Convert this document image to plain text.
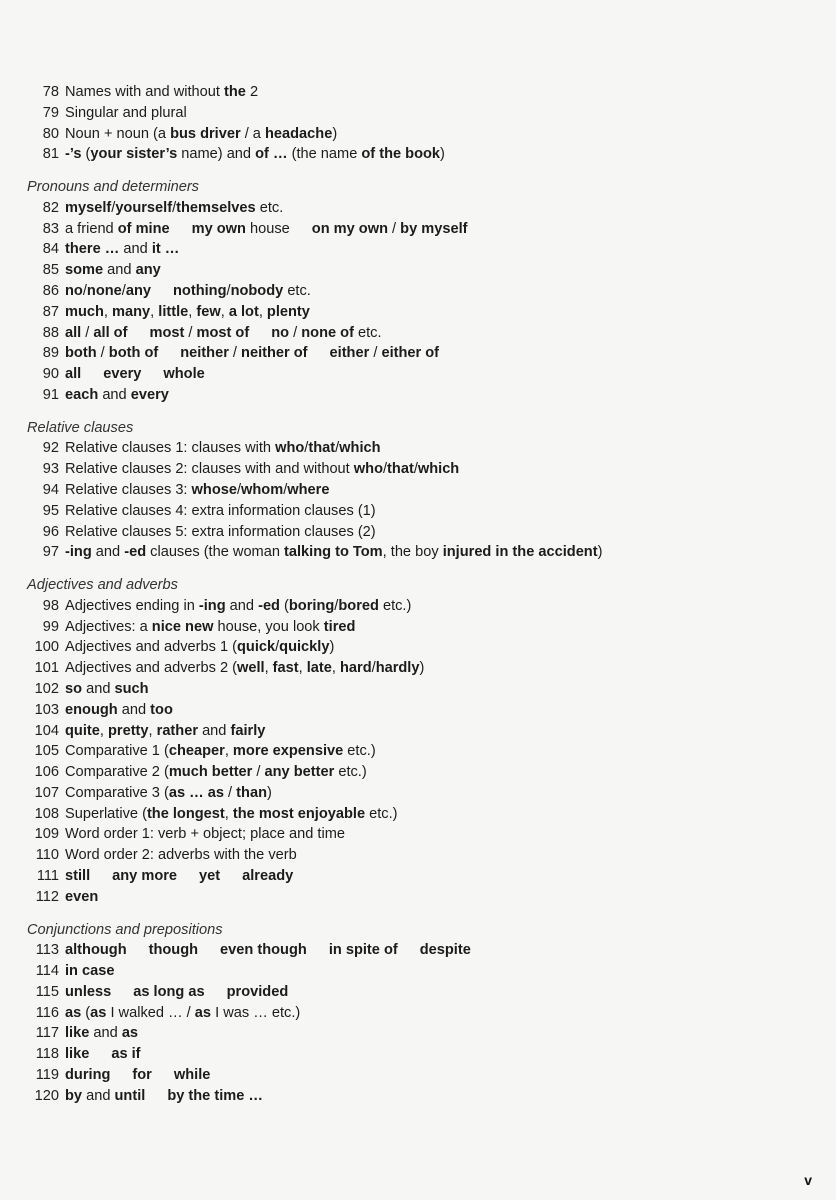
78 Names with and without the 2
79 Singular and plural
80 Noun + noun (a bus driver / a headache)
81 -’s (your sister’s name) and of … (the name of the book)
Pronouns and determiners
82 myself/yourself/themselves etc.
83 a friend of mine my own house on my own / by myself
84 there … and it …
85 some and any
86 no/none/any nothing/nobody etc.
87 much, many, little, few, a lot, plenty
88 all / all of most / most of no / none of etc.
89 both / both of neither / neither of either / either of
90 all every whole
91 each and every
Relative clauses
92 Relative clauses 1: clauses with who/that/which
93 Relative clauses 2: clauses with and without who/that/which
94 Relative clauses 3: whose/whom/where
95 Relative clauses 4: extra information clauses (1)
96 Relative clauses 5: extra information clauses (2)
97 -ing and -ed clauses (the woman talking to Tom, the boy injured in the accident)
Adjectives and adverbs
98 Adjectives ending in -ing and -ed (boring/bored etc.)
99 Adjectives: a nice new house, you look tired
100 Adjectives and adverbs 1 (quick/quickly)
101 Adjectives and adverbs 2 (well, fast, late, hard/hardly)
102 so and such
103 enough and too
104 quite, pretty, rather and fairly
105 Comparative 1 (cheaper, more expensive etc.)
106 Comparative 2 (much better / any better etc.)
107 Comparative 3 (as … as / than)
108 Superlative (the longest, the most enjoyable etc.)
109 Word order 1: verb + object; place and time
110 Word order 2: adverbs with the verb
111 still any more yet already
112 even
Conjunctions and prepositions
113 although though even though in spite of despite
114 in case
115 unless as long as provided
116 as (as I walked … / as I was … etc.)
117 like and as
118 like as if
119 during for while
120 by and until by the time …
v
